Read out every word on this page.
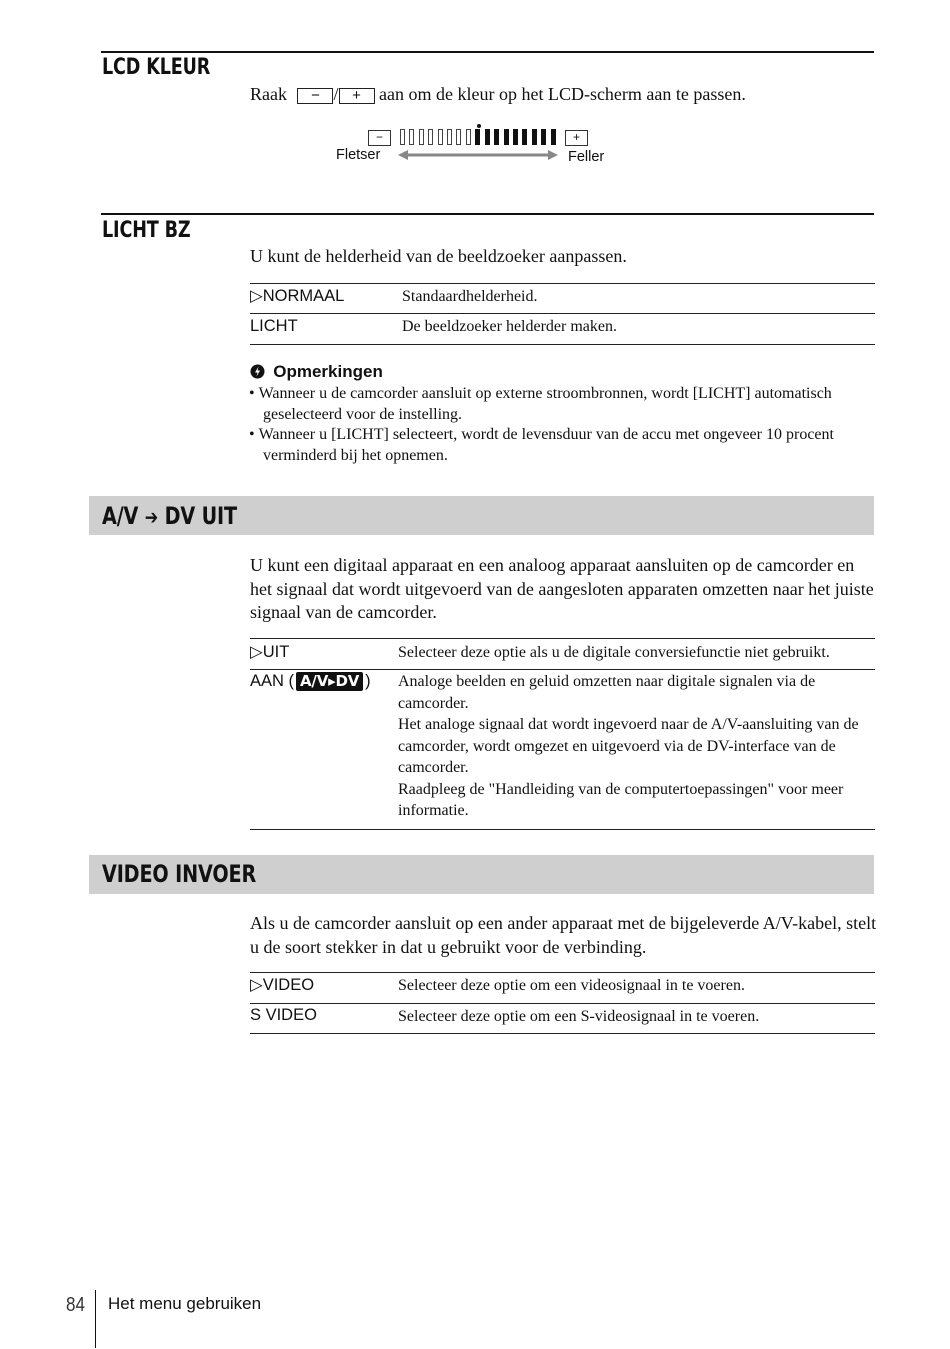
LCD KLEUR
Raak − / + aan om de kleur op het LCD-scherm aan te passen.
−	+
Fletser	Feller
LICHT BZ
U kunt de helderheid van de beeldzoeker aanpassen.
▷NORMAAL	Standaardhelderheid.
LICHT	De beeldzoeker helderder maken.
Opmerkingen
• Wanneer u de camcorder aansluit op externe stroombronnen, wordt [LICHT] automatisch geselecteerd voor de instelling.
• Wanneer u [LICHT] selecteert, wordt de levensduur van de accu met ongeveer 10 procent verminderd bij het opnemen.
A/V ➔ DV UIT
U kunt een digitaal apparaat en een analoog apparaat aansluiten op de camcorder en het signaal dat wordt uitgevoerd van de aangesloten apparaten omzetten naar het juiste signaal van de camcorder.
▷UIT	Selecteer deze optie als u de digitale conversiefunctie niet gebruikt.
AAN ( A/V▸DV ) Analoge beelden en geluid omzetten naar digitale signalen via de camcorder.
Het analoge signaal dat wordt ingevoerd naar de A/V-aansluiting van de camcorder, wordt omgezet en uitgevoerd via de DV-interface van de camcorder.
Raadpleeg de "Handleiding van de computertoepassingen" voor meer informatie.
VIDEO INVOER
Als u de camcorder aansluit op een ander apparaat met de bijgeleverde A/V-kabel, stelt u de soort stekker in dat u gebruikt voor de verbinding.
▷VIDEO	Selecteer deze optie om een videosignaal in te voeren.
S VIDEO	Selecteer deze optie om een S-videosignaal in te voeren.
84 Het menu gebruiken
